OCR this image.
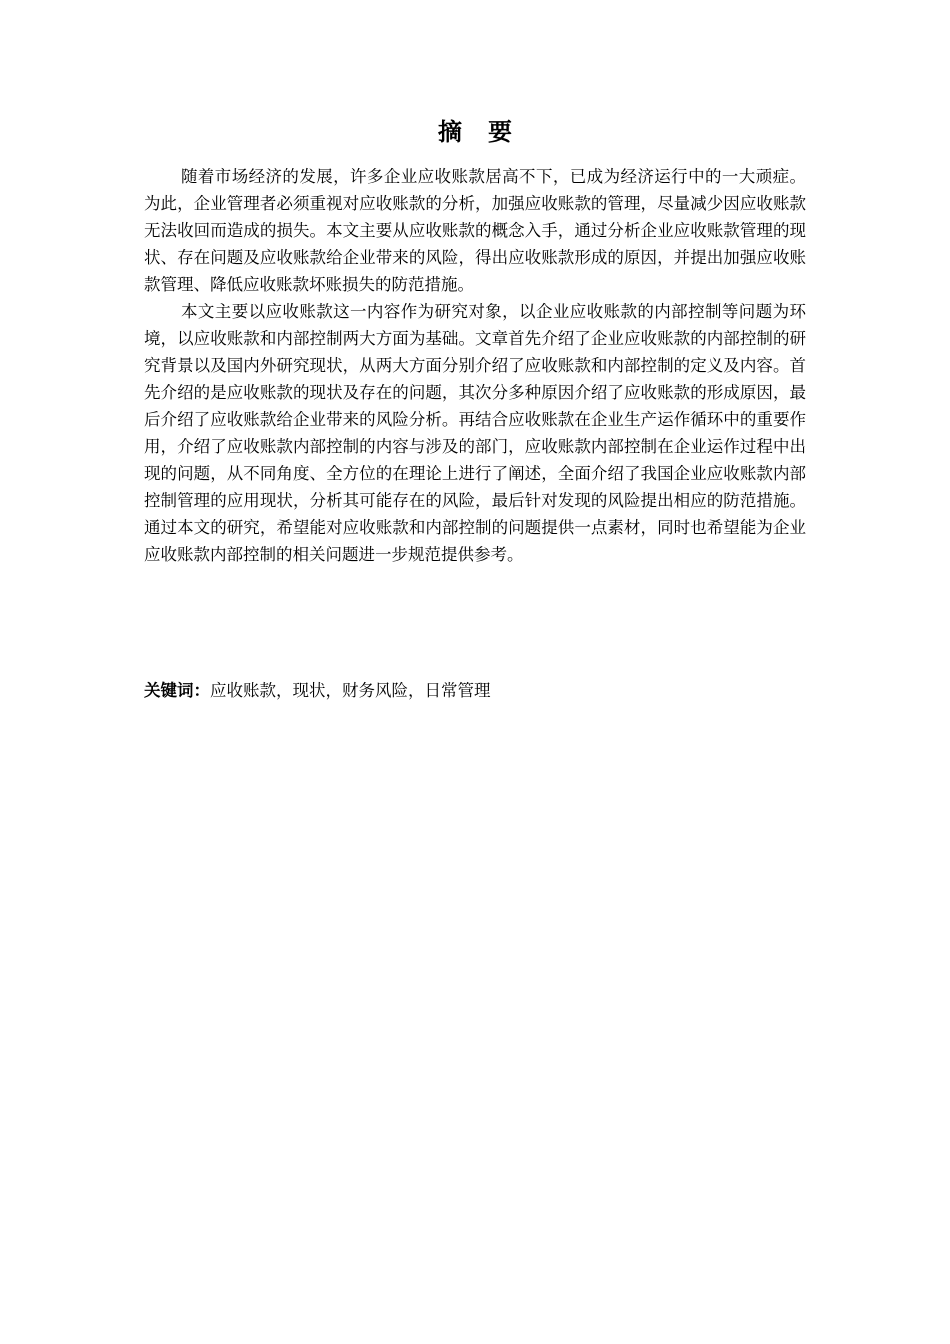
摘要

随着市场经济的发展，许多企业应收账款居高不下，已成为经济运行中的一大顽症。为此，企业管理者必须重视对应收账款的分析，加强应收账款的管理，尽量减少因应收账款无法收回而造成的损失。本文主要从应收账款的概念入手，通过分析企业应收账款管理的现状、存在问题及应收账款给企业带来的风险，得出应收账款形成的原因，并提出加强应收账款管理、降低应收账款坏账损失的防范措施。

本文主要以应收账款这一内容作为研究对象，以企业应收账款的内部控制等问题为环境，以应收账款和内部控制两大方面为基础。文章首先介绍了企业应收账款的内部控制的研究背景以及国内外研究现状，从两大方面分别介绍了应收账款和内部控制的定义及内容。首先介绍的是应收账款的现状及存在的问题，其次分多种原因介绍了应收账款的形成原因，最后介绍了应收账款给企业带来的风险分析。再结合应收账款在企业生产运作循环中的重要作用，介绍了应收账款内部控制的内容与涉及的部门，应收账款内部控制在企业运作过程中出现的问题，从不同角度、全方位的在理论上进行了阐述，全面介绍了我国企业应收账款内部控制管理的应用现状，分析其可能存在的风险，最后针对发现的风险提出相应的防范措施。通过本文的研究，希望能对应收账款和内部控制的问题提供一点素材，同时也希望能为企业应收账款内部控制的相关问题进一步规范提供参考。

关键词：应收账款，现状，财务风险，日常管理
